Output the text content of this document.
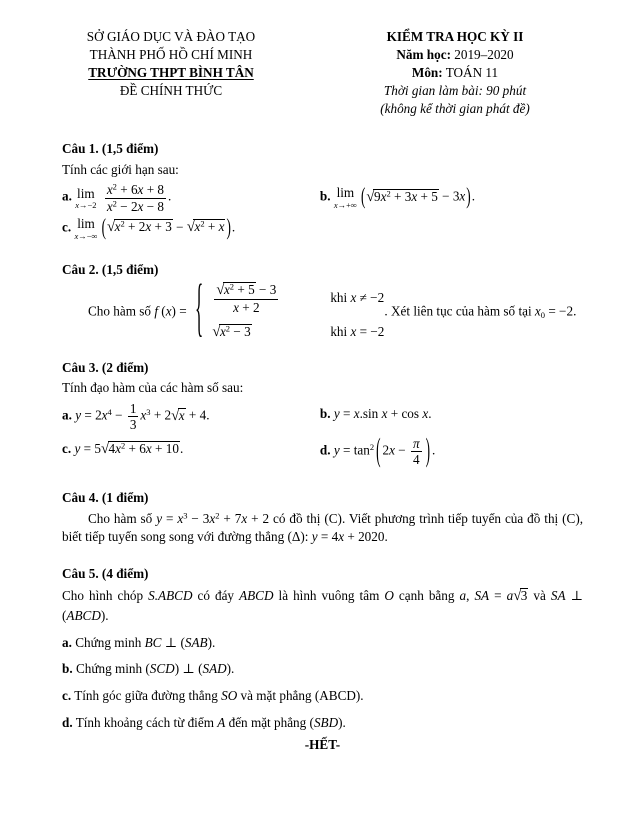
SỞ GIÁO DỤC VÀ ĐÀO TẠO
THÀNH PHỐ HỒ CHÍ MINH
TRƯỜNG THPT BÌNH TÂN
ĐỀ CHÍNH THỨC
KIỂM TRA HỌC KỲ II
Năm học: 2019–2020
Môn: TOÁN 11
Thời gian làm bài: 90 phút
(không kể thời gian phát đề)
Câu 1. (1,5 điểm)
Tính các giới hạn sau:
a. lim
x→−2
$\frac{x^2 + 6x + 8}{x^2 - 2x - 8}$ .	b. lim
x→+∞ $(√9x^2 + 3x + 5 - 3x)$.
c. lim
x→−∞ ($√x^2 + 2x + 3 - √x^2 + x$ ).
Câu 2. (1,5 điểm)
Cho hàm số f (x) = { $\frac{√x^2 + 5 - 3}{x + 2}$	khi x ≠ −2
$√x^2 - 3$	khi x = −2
. Xét liên tục của hàm số tại $x_0 = -2$.
Câu 3. (2 điểm)
Tính đạo hàm của các hàm số sau:
a. $y = 2x^4 - \frac{1}{3} x^3 + 2√x + 4$.	b. y = x.sin x + cos x.
c. $y = 5√4x^2 + 6x + 10$.	d. $y = \tan^2$ ( $2x - \frac{\pi}{4}$ ) .
Câu 4. (1 điểm)
Cho hàm số $y = x^3 - 3x^2 + 7x + 2$ có đồ thị (C). Viết phương trình tiếp tuyến của đồ thị (C), biết tiếp tuyến song song với đường thẳng (Δ): y = 4x + 2020.
Câu 5. (4 điểm)
Cho hình chóp S.ABCD có đáy ABCD là hình vuông tâm O cạnh bằng a, SA = a√3 và SA ⊥ (ABCD).
a. Chứng minh BC ⊥ (SAB).
b. Chứng minh (SCD) ⊥ (SAD).
c. Tính góc giữa đường thẳng SO và mặt phẳng (ABCD).
d. Tính khoảng cách từ điểm A đến mặt phẳng (SBD).
-HẾT-
